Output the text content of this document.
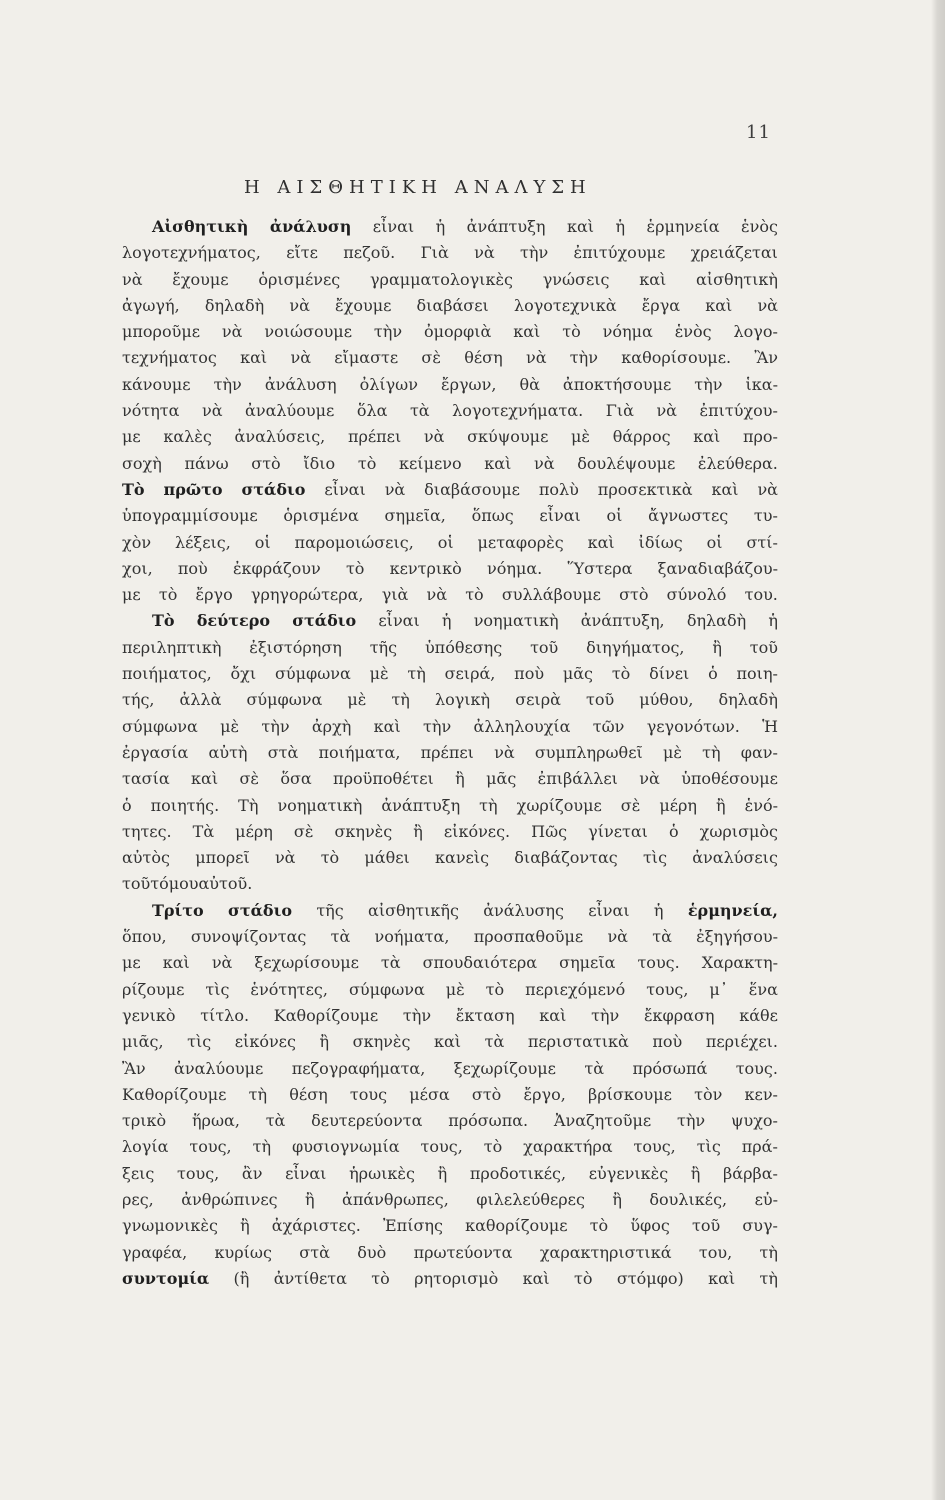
11
Η ΑΙΣΘΗΤΙΚΗ ΑΝΑΛΥΣΗ
Αἰσθητικὴ ἀνάλυση εἶναι ἡ ἀνάπτυξη καὶ ἡ ἑρμηνεία ἑνὸς
λογοτεχνήματος, εἴτε πεζοῦ. Γιὰ νὰ τὴν ἐπιτύχουμε χρειάζεται
νὰ ἔχουμε ὁρισμένες γραμματολογικὲς γνώσεις καὶ αἰσθητικὴ
ἀγωγή, δηλαδὴ νὰ ἔχουμε διαβάσει λογοτεχνικὰ ἔργα καὶ νὰ
μποροῦμε νὰ νοιώσουμε τὴν ὀμορφιὰ καὶ τὸ νόημα ἑνὸς λογο-
τεχνήματος καὶ νὰ εἴμαστε σὲ θέση νὰ τὴν καθορίσουμε. Ἂν
κάνουμε τὴν ἀνάλυση ὀλίγων ἔργων, θὰ ἀποκτήσουμε τὴν ἱκα-
νότητα νὰ ἀναλύουμε ὅλα τὰ λογοτεχνήματα. Γιὰ νὰ ἐπιτύχου-
με καλὲς ἀναλύσεις, πρέπει νὰ σκύψουμε μὲ θάρρος καὶ προ-
σοχὴ πάνω στὸ ἴδιο τὸ κείμενο καὶ νὰ δουλέψουμε ἐλεύθερα.
Τὸ πρῶτο στάδιο εἶναι νὰ διαβάσουμε πολὺ προσεκτικὰ καὶ νὰ
ὑπογραμμίσουμε ὁρισμένα σημεῖα, ὅπως εἶναι οἱ ἄγνωστες τυ-
χὸν λέξεις, οἱ παρομοιώσεις, οἱ μεταφορὲς καὶ ἰδίως οἱ στί-
χοι, ποὺ ἐκφράζουν τὸ κεντρικὸ νόημα. Ὕστερα ξαναδιαβάζου-
με τὸ ἔργο γρηγορώτερα, γιὰ νὰ τὸ συλλάβουμε στὸ σύνολό του.
Τὸ δεύτερο στάδιο εἶναι ἡ νοηματικὴ ἀνάπτυξη, δηλαδὴ ἡ
περιληπτικὴ ἐξιστόρηση τῆς ὑπόθεσης τοῦ διηγήματος, ἢ τοῦ
ποιήματος, ὄχι σύμφωνα μὲ τὴ σειρά, ποὺ μᾶς τὸ δίνει ὁ ποιη-
τής, ἀλλὰ σύμφωνα μὲ τὴ λογικὴ σειρὰ τοῦ μύθου, δηλαδὴ
σύμφωνα μὲ τὴν ἀρχὴ καὶ τὴν ἀλληλουχία τῶν γεγονότων. Ἡ
ἐργασία αὐτὴ στὰ ποιήματα, πρέπει νὰ συμπληρωθεῖ μὲ τὴ φαν-
τασία καὶ σὲ ὅσα προϋποθέτει ἢ μᾶς ἐπιβάλλει νὰ ὑποθέσουμε
ὁ ποιητής. Τὴ νοηματικὴ ἀνάπτυξη τὴ χωρίζουμε σὲ μέρη ἢ ἑνό-
τητες. Τὰ μέρη σὲ σκηνὲς ἢ εἰκόνες. Πῶς γίνεται ὁ χωρισμὸς
αὐτὸς μπορεῖ νὰ τὸ μάθει κανεὶς διαβάζοντας τὶς ἀναλύσεις
τοῦ τόμου αὐτοῦ.
Τρίτο στάδιο τῆς αἰσθητικῆς ἀνάλυσης εἶναι ἡ ἑρμηνεία,
ὅπου, συνοψίζοντας τὰ νοήματα, προσπαθοῦμε νὰ τὰ ἐξηγήσου-
με καὶ νὰ ξεχωρίσουμε τὰ σπουδαιότερα σημεῖα τους. Χαρακτη-
ρίζουμε τὶς ἑνότητες, σύμφωνα μὲ τὸ περιεχόμενό τους, μ᾿ ἕνα
γενικὸ τίτλο. Καθορίζουμε τὴν ἔκταση καὶ τὴν ἔκφραση κάθε
μιᾶς, τὶς εἰκόνες ἢ σκηνὲς καὶ τὰ περιστατικὰ ποὺ περιέχει.
Ἂν ἀναλύουμε πεζογραφήματα, ξεχωρίζουμε τὰ πρόσωπά τους.
Καθορίζουμε τὴ θέση τους μέσα στὸ ἔργο, βρίσκουμε τὸν κεν-
τρικὸ ἥρωα, τὰ δευτερεύοντα πρόσωπα. Ἀναζητοῦμε τὴν ψυχο-
λογία τους, τὴ φυσιογνωμία τους, τὸ χαρακτήρα τους, τὶς πρά-
ξεις τους, ἂν εἶναι ἡρωικὲς ἢ προδοτικές, εὐγενικὲς ἢ βάρβα-
ρες, ἀνθρώπινες ἢ ἀπάνθρωπες, φιλελεύθερες ἢ δουλικές, εὐ-
γνωμονικὲς ἢ ἀχάριστες. Ἐπίσης καθορίζουμε τὸ ὕφος τοῦ συγ-
γραφέα, κυρίως στὰ δυὸ πρωτεύοντα χαρακτηριστικά του, τὴ
συντομία (ἢ ἀντίθετα τὸ ρητορισμὸ καὶ τὸ στόμφο) καὶ τὴ
